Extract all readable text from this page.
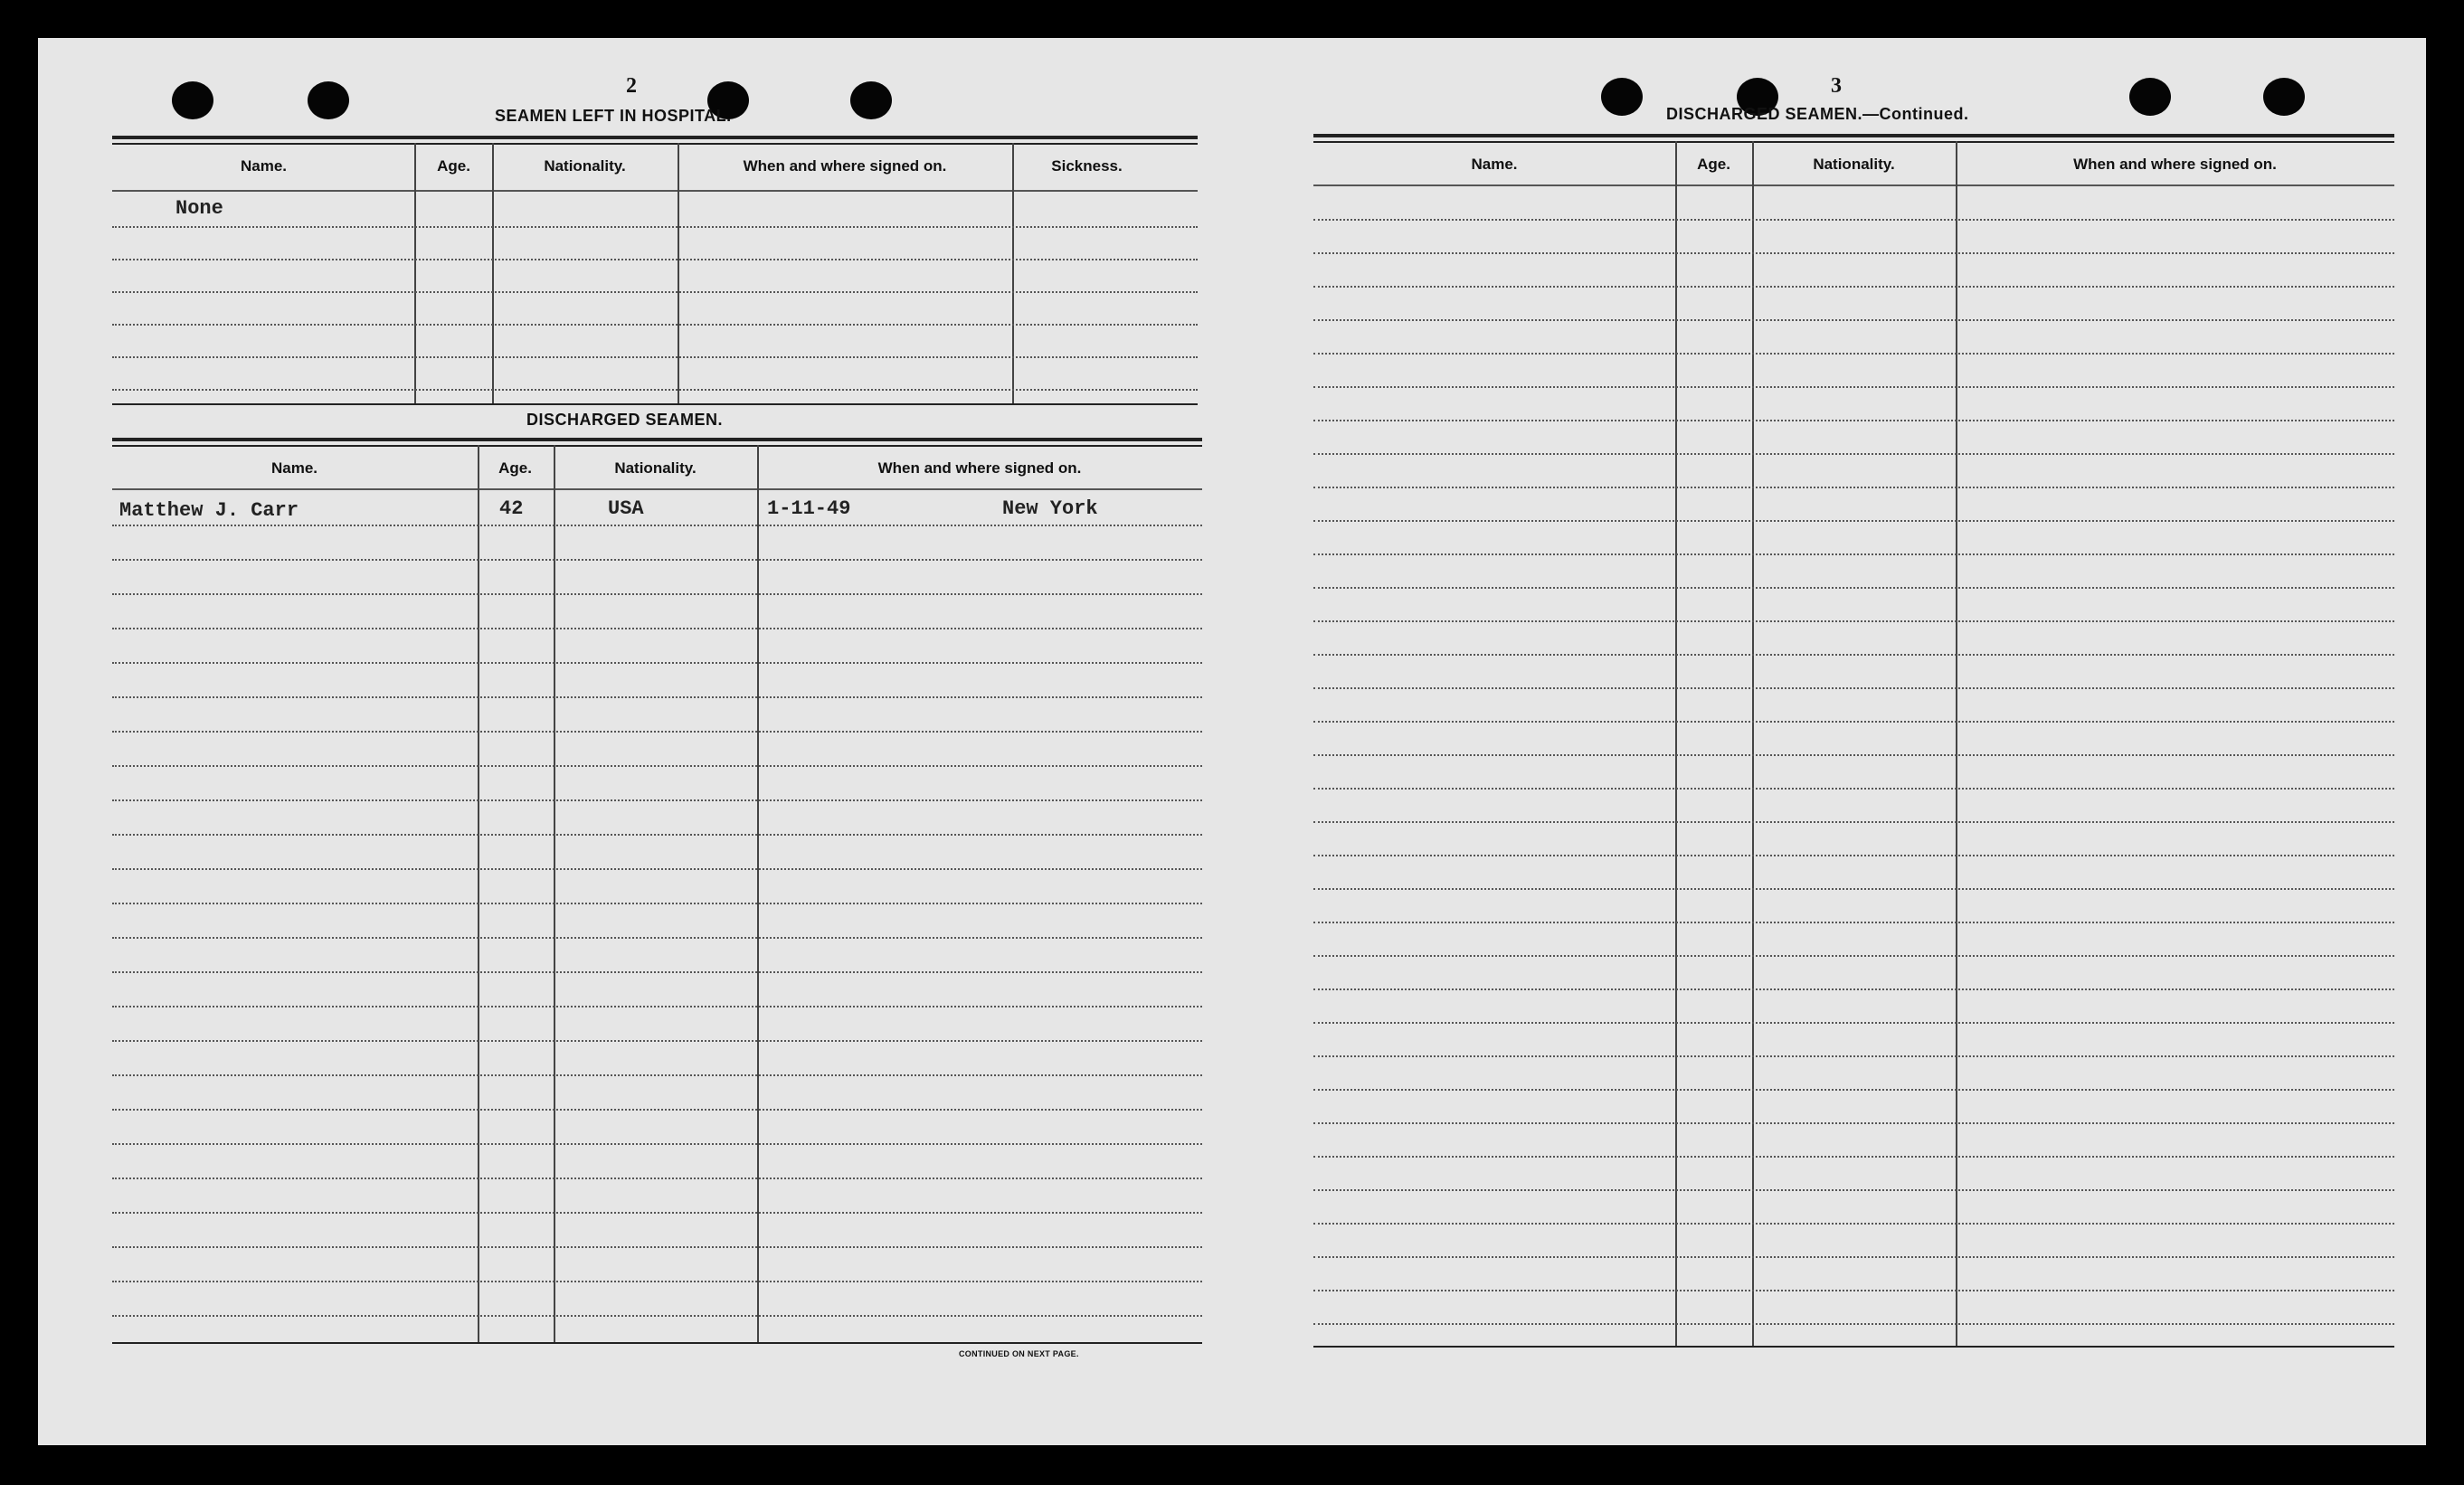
2
SEAMEN LEFT IN HOSPITAL.
Name.	Age.	Nationality.	When and where signed on.	Sickness.
None
DISCHARGED SEAMEN.
Name.	Age.	Nationality.	When and where signed on.
Matthew J. Carr	42	USA	1-11-49	New York
CONTINUED ON NEXT PAGE.
3
DISCHARGED SEAMEN.—Continued.
Name.	Age.	Nationality.	When and where signed on.
